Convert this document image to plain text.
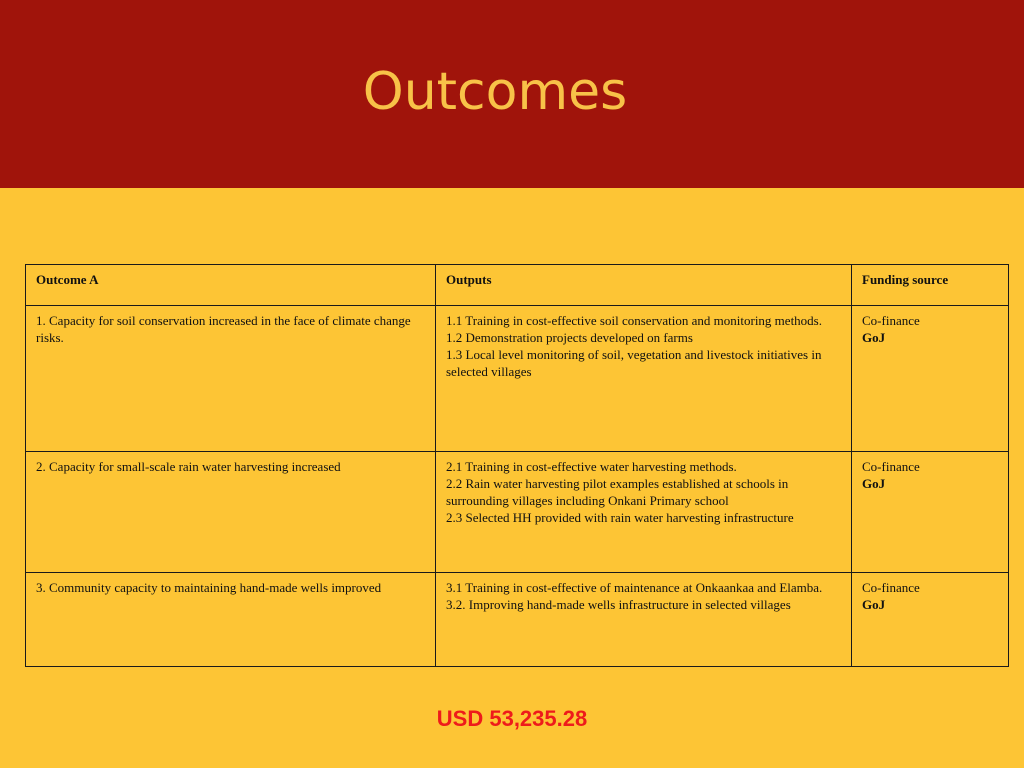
Outcomes
Outcome A	Outputs	Funding source
1. Capacity for soil conservation increased in the face of climate change risks.	1.1 Training in cost-effective soil conservation and monitoring methods.
1.2 Demonstration projects developed on farms
1.3 Local level monitoring of soil, vegetation and livestock initiatives in selected villages	Co-finance
GoJ

2. Capacity for small-scale rain water harvesting increased	2.1 Training in cost-effective water harvesting methods.
2.2 Rain water harvesting pilot examples established at schools in surrounding villages including Onkani Primary school
2.3 Selected HH provided with rain water harvesting infrastructure	Co-finance
GoJ

3. Community capacity to maintaining hand-made wells improved	3.1 Training in cost-effective of maintenance at Onkaankaa and Elamba.
3.2. Improving hand-made wells infrastructure in selected villages	Co-finance
GoJ
USD 53,235.28
